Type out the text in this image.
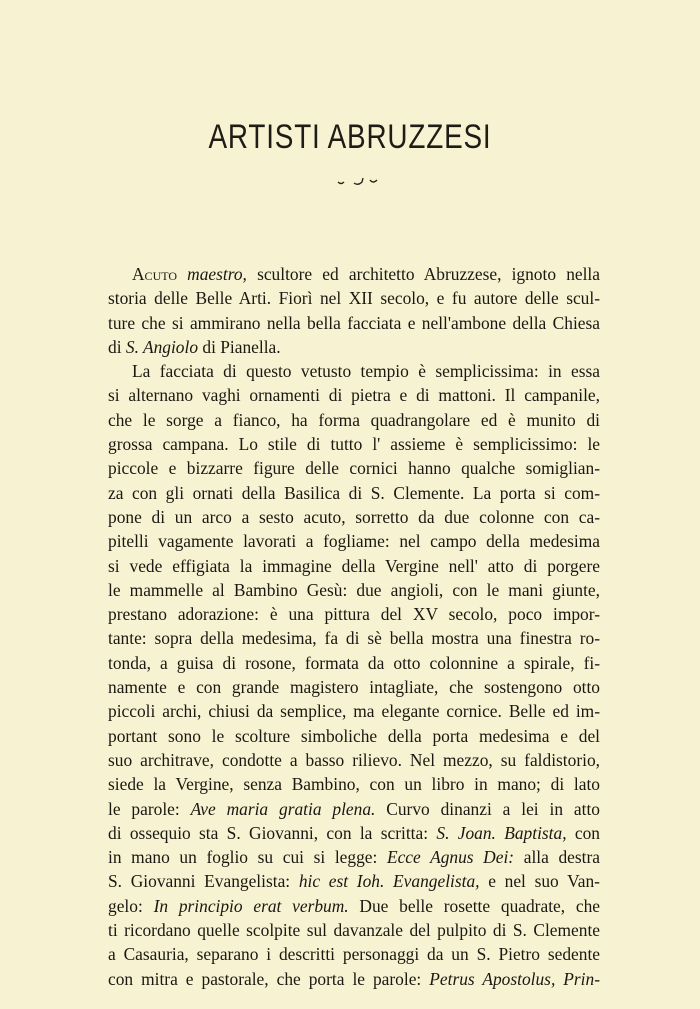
ARTISTI ABRUZZESI
Acuto maestro, scultore ed architetto Abruzzese, ignoto nella
storia delle Belle Arti. Fiorì nel XII secolo, e fu autore delle scul-
ture che si ammirano nella bella facciata e nell'ambone della Chiesa
di S. Angiolo di Pianella.
La facciata di questo vetusto tempio è semplicissima: in essa
si alternano vaghi ornamenti di pietra e di mattoni. Il campanile,
che le sorge a fianco, ha forma quadrangolare ed è munito di
grossa campana. Lo stile di tutto l' assieme è semplicissimo: le
piccole e bizzarre figure delle cornici hanno qualche somiglian-
za con gli ornati della Basilica di S. Clemente. La porta si com-
pone di un arco a sesto acuto, sorretto da due colonne con ca-
pitelli vagamente lavorati a fogliame: nel campo della medesima
si vede effigiata la immagine della Vergine nell' atto di porgere
le mammelle al Bambino Gesù: due angioli, con le mani giunte,
prestano adorazione: è una pittura del XV secolo, poco impor-
tante: sopra della medesima, fa di sè bella mostra una finestra ro-
tonda, a guisa di rosone, formata da otto colonnine a spirale, fi-
namente e con grande magistero intagliate, che sostengono otto
piccoli archi, chiusi da semplice, ma elegante cornice. Belle ed im-
portant sono le scolture simboliche della porta medesima e del
suo architrave, condotte a basso rilievo. Nel mezzo, su faldistorio,
siede la Vergine, senza Bambino, con un libro in mano; di lato
le parole: Ave maria gratia plena. Curvo dinanzi a lei in atto
di ossequio sta S. Giovanni, con la scritta: S. Joan. Baptista, con
in mano un foglio su cui si legge: Ecce Agnus Dei: alla destra
S. Giovanni Evangelista: hic est Ioh. Evangelista, e nel suo Van-
gelo: In principio erat verbum. Due belle rosette quadrate, che
ti ricordano quelle scolpite sul davanzale del pulpito di S. Clemente
a Casauria, separano i descritti personaggi da un S. Pietro sedente
con mitra e pastorale, che porta le parole: Petrus Apostolus, Prin-
